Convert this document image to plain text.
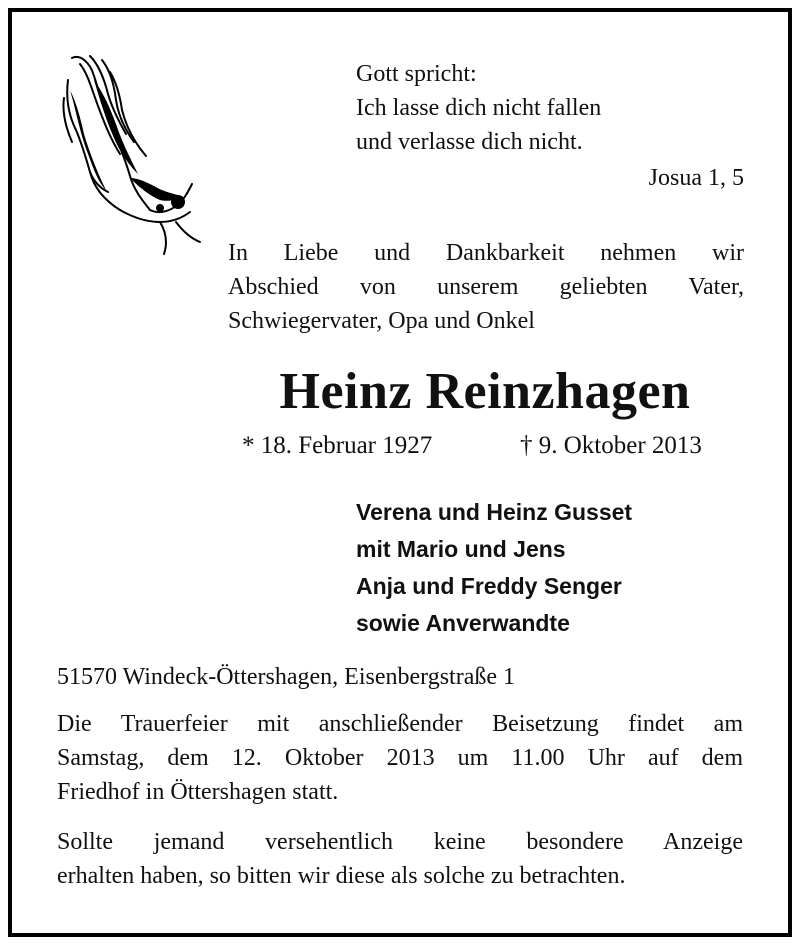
Gott spricht:
Ich lasse dich nicht fallen
und verlasse dich nicht.
Josua 1, 5

In Liebe und Dankbarkeit nehmen wir
Abschied von unserem geliebten Vater,
Schwiegervater, Opa und Onkel

Heinz Reinzhagen
* 18. Februar 1927	† 9. Oktober 2013
Verena und Heinz Gusset
mit Mario und Jens
Anja und Freddy Senger
sowie Anverwandte
51570 Windeck-Öttershagen, Eisenbergstraße 1

Die Trauerfeier mit anschließender Beisetzung findet am
Samstag, dem 12. Oktober 2013 um 11.00 Uhr auf dem
Friedhof in Öttershagen statt.

Sollte jemand versehentlich keine besondere Anzeige
erhalten haben, so bitten wir diese als solche zu betrachten.
